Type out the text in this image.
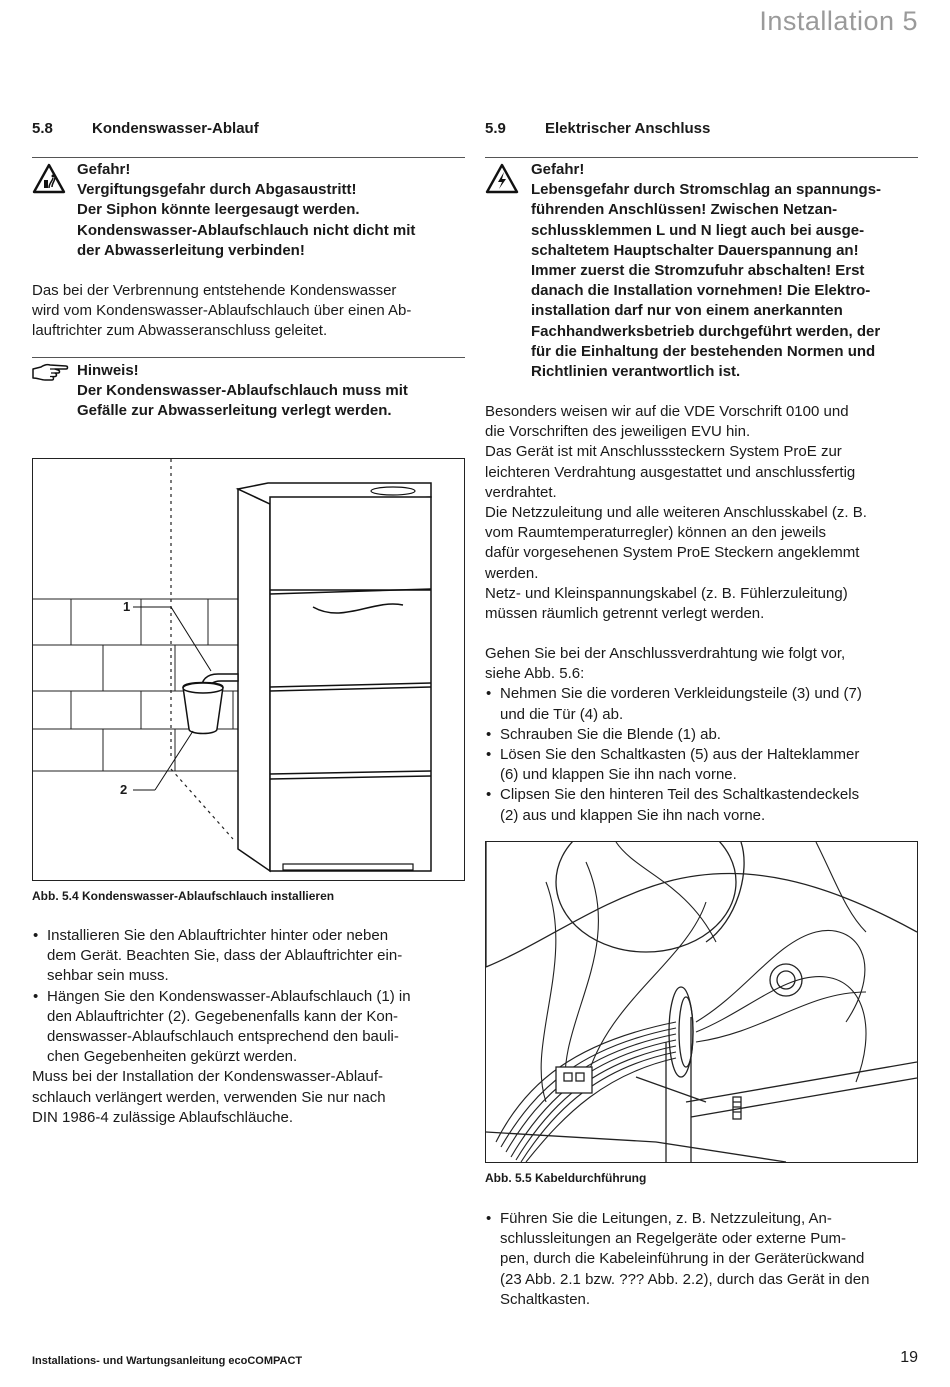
Installation 5
5.8	Kondenswasser-Ablauf
Gefahr!
Vergiftungsgefahr durch Abgasaustritt!
Der Siphon könnte leergesaugt werden.
Kondenswasser-Ablaufschlauch nicht dicht mit
der Abwasserleitung verbinden!
Das bei der Verbrennung entstehende Kondenswasser
wird vom Kondenswasser-Ablaufschlauch über einen Ab-
lauftrichter zum Abwasseranschluss geleitet.
Hinweis!
Der Kondenswasser-Ablaufschlauch muss mit
Gefälle zur Abwasserleitung verlegt werden.
1
2
Abb. 5.4 Kondenswasser-Ablaufschlauch installieren
• Installieren Sie den Ablauftrichter hinter oder neben
dem Gerät. Beachten Sie, dass der Ablauftrichter ein-
sehbar sein muss.
• Hängen Sie den Kondenswasser-Ablaufschlauch (1) in
den Ablauftrichter (2). Gegebenenfalls kann der Kon-
denswasser-Ablaufschlauch entsprechend den bauli-
chen Gegebenheiten gekürzt werden.
Muss bei der Installation der Kondenswasser-Ablauf-
schlauch verlängert werden, verwenden Sie nur nach
DIN 1986-4 zulässige Ablaufschläuche.
5.9	Elektrischer Anschluss
Gefahr!
Lebensgefahr durch Stromschlag an spannungs-
führenden Anschlüssen! Zwischen Netzan-
schlussklemmen L und N liegt auch bei ausge-
schaltetem Hauptschalter Dauerspannung an!
Immer zuerst die Stromzufuhr abschalten! Erst
danach die Installation vornehmen! Die Elektro-
installation darf nur von einem anerkannten
Fachhandwerksbetrieb durchgeführt werden, der
für die Einhaltung der bestehenden Normen und
Richtlinien verantwortlich ist.
Besonders weisen wir auf die VDE Vorschrift 0100 und
die Vorschriften des jeweiligen EVU hin.
Das Gerät ist mit Anschlusssteckern System ProE zur
leichteren Verdrahtung ausgestattet und anschlussfertig
verdrahtet.
Die Netzzuleitung und alle weiteren Anschlusskabel (z. B.
vom Raumtemperaturregler) können an den jeweils
dafür vorgesehenen System ProE Steckern angeklemmt
werden.
Netz- und Kleinspannungskabel (z. B. Fühlerzuleitung)
müssen räumlich getrennt verlegt werden.
Gehen Sie bei der Anschlussverdrahtung wie folgt vor,
siehe Abb. 5.6:
• Nehmen Sie die vorderen Verkleidungsteile (3) und (7)
und die Tür (4) ab.
• Schrauben Sie die Blende (1) ab.
• Lösen Sie den Schaltkasten (5) aus der Halteklammer
(6) und klappen Sie ihn nach vorne.
• Clipsen Sie den hinteren Teil des Schaltkastendeckels
(2) aus und klappen Sie ihn nach vorne.
Abb. 5.5 Kabeldurchführung
• Führen Sie die Leitungen, z. B. Netzzuleitung, An-
schlussleitungen an Regelgeräte oder externe Pum-
pen, durch die Kabeleinführung in der Geräterückwand
(23 Abb. 2.1 bzw. ??? Abb. 2.2), durch das Gerät in den
Schaltkasten.
Installations- und Wartungsanleitung ecoCOMPACT	19
